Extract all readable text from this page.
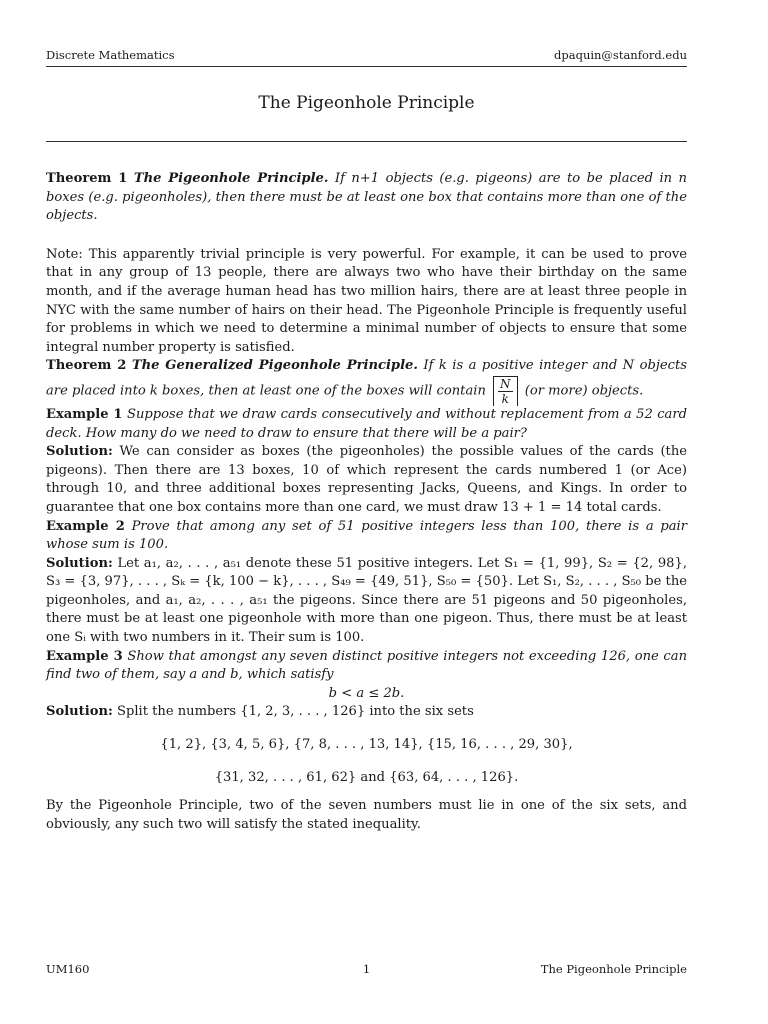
Discrete Mathematics	dpaquin@stanford.edu
The Pigeonhole Principle

Theorem 1 The Pigeonhole Principle. If n+1 objects (e.g. pigeons) are to be placed in n boxes (e.g. pigeonholes), then there must be at least one box that contains more than one of the objects.

Note: This apparently trivial principle is very powerful. For example, it can be used to prove that in any group of 13 people, there are always two who have their birthday on the same month, and if the average human head has two million hairs, there are at least three people in NYC with the same number of hairs on their head. The Pigeonhole Principle is frequently useful for problems in which we need to determine a minimal number of objects to ensure that some integral number property is satisfied.

Theorem 2 The Generalized Pigeonhole Principle. If k is a positive integer and N objects are placed into k boxes, then at least one of the boxes will contain $\frac{N}{k} (or$ more) objects.

Example 1 Suppose that we draw cards consecutively and without replacement from a 52 card deck. How many do we need to draw to ensure that there will be a pair?

Solution: We can consider as boxes (the pigeonholes) the possible values of the cards (the pigeons). Then there are 13 boxes, 10 of which represent the cards numbered 1 (or Ace) through 10, and three additional boxes representing Jacks, Queens, and Kings. In order to guarantee that one box contains more than one card, we must draw 13 + 1 = 14 total cards.

Example 2 Prove that among any set of 51 positive integers less than 100, there is a pair whose sum is 100.

Solution: Let a₁, a₂, . . . , a₅₁ denote these 51 positive integers. Let S₁ = {1, 99}, S₂ = {2, 98}, S₃ = {3, 97}, . . . , Sₖ = {k, 100 − k}, . . . , S₄₉ = {49, 51}, S₅₀ = {50}. Let S₁, S₂, . . . , S₅₀ be the pigeonholes, and a₁, a₂, . . . , a₅₁ the pigeons. Since there are 51 pigeons and 50 pigeonholes, there must be at least one pigeonhole with more than one pigeon. Thus, there must be at least one Sᵢ with two numbers in it. Their sum is 100.

Example 3 Show that amongst any seven distinct positive integers not exceeding 126, one can find two of them, say a and b, which satisfy

b < a ≤ 2b.

Solution: Split the numbers {1, 2, 3, . . . , 126} into the six sets

{1, 2}, {3, 4, 5, 6}, {7, 8, . . . , 13, 14}, {15, 16, . . . , 29, 30},

{31, 32, . . . , 61, 62} and {63, 64, . . . , 126}.

By the Pigeonhole Principle, two of the seven numbers must lie in one of the six sets, and obviously, any such two will satisfy the stated inequality.

UM160	1	The Pigeonhole Principle
